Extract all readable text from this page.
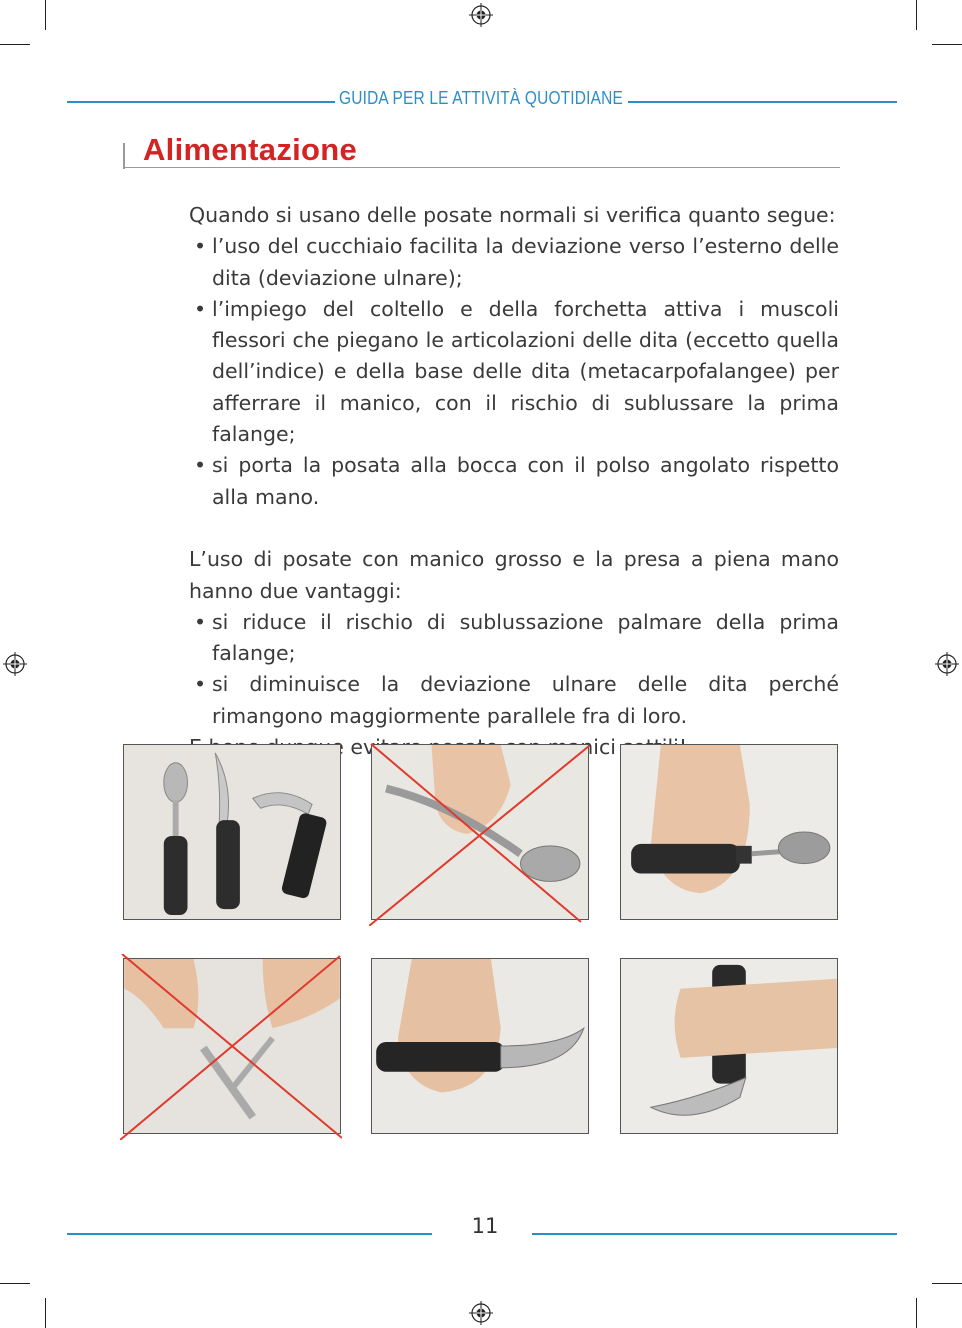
GUIDA PER LE ATTIVITÀ QUOTIDIANE
Alimentazione

Quando si usano delle posate normali si verifica quanto segue:

• l’uso del cucchiaio facilita la deviazione verso l’esterno delle dita (deviazione ulnare);
• l’impiego del coltello e della forchetta attiva i muscoli flessori che piegano le articolazioni delle dita (eccetto quella dell’indice) e della base delle dita (metacarpofalangee) per afferrare il manico, con il rischio di sublussare la prima falange;
• si porta la posata alla bocca con il polso angolato rispetto alla mano.

L’uso di posate con manico grosso e la presa a piena mano hanno due vantaggi:

• si riduce il rischio di sublussazione palmare della prima falange;
• si diminuisce la deviazione ulnare delle dita perché rimangono maggiormente parallele fra di loro.

11
